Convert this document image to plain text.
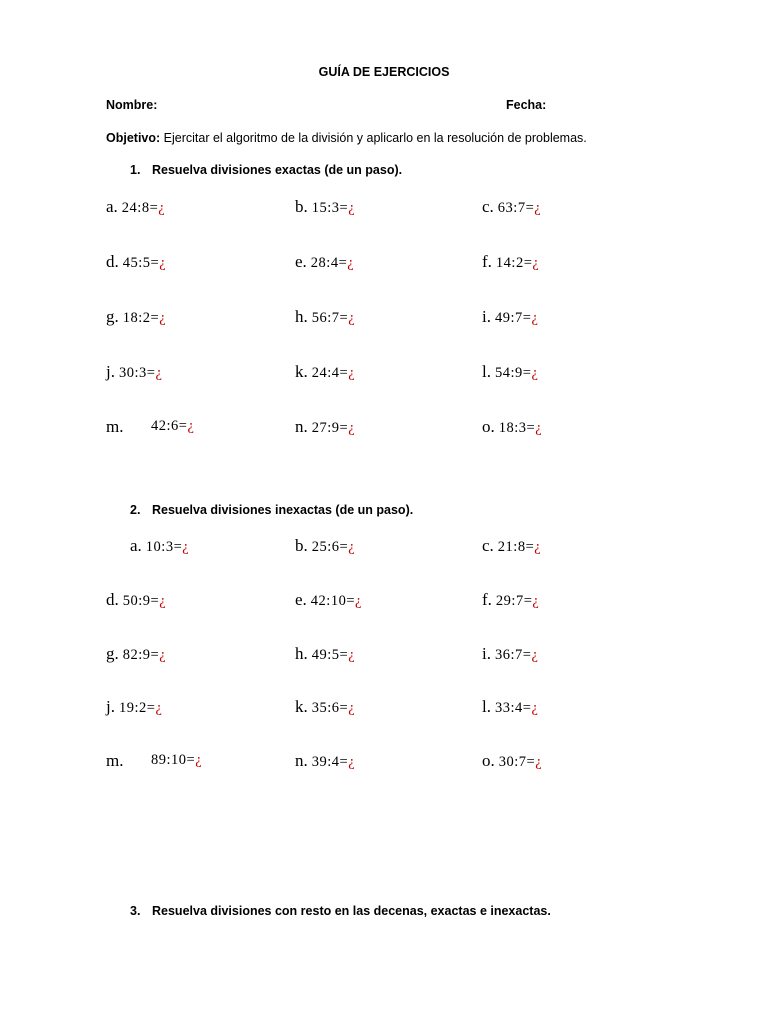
GUÍA DE EJERCICIOS
Nombre:	Fecha:
Objetivo: Ejercitar el algoritmo de la división y aplicarlo en la resolución de problemas.
1. Resuelva divisiones exactas (de un paso).
a. 24:8=¿	b. 15:3=¿	c. 63:7=¿
d. 45:5=¿	e. 28:4=¿	f. 14:2=¿
g. 18:2=¿	h. 56:7=¿	i. 49:7=¿
j. 30:3=¿	k. 24:4=¿	l. 54:9=¿
m. 42:6=¿	n. 27:9=¿	o. 18:3=¿
2. Resuelva divisiones inexactas (de un paso).
a. 10:3=¿	b. 25:6=¿	c. 21:8=¿
d. 50:9=¿	e. 42:10=¿	f. 29:7=¿
g. 82:9=¿	h. 49:5=¿	i. 36:7=¿
j. 19:2=¿	k. 35:6=¿	l. 33:4=¿
m. 89:10=¿	n. 39:4=¿	o. 30:7=¿
3. Resuelva divisiones con resto en las decenas, exactas e inexactas.
